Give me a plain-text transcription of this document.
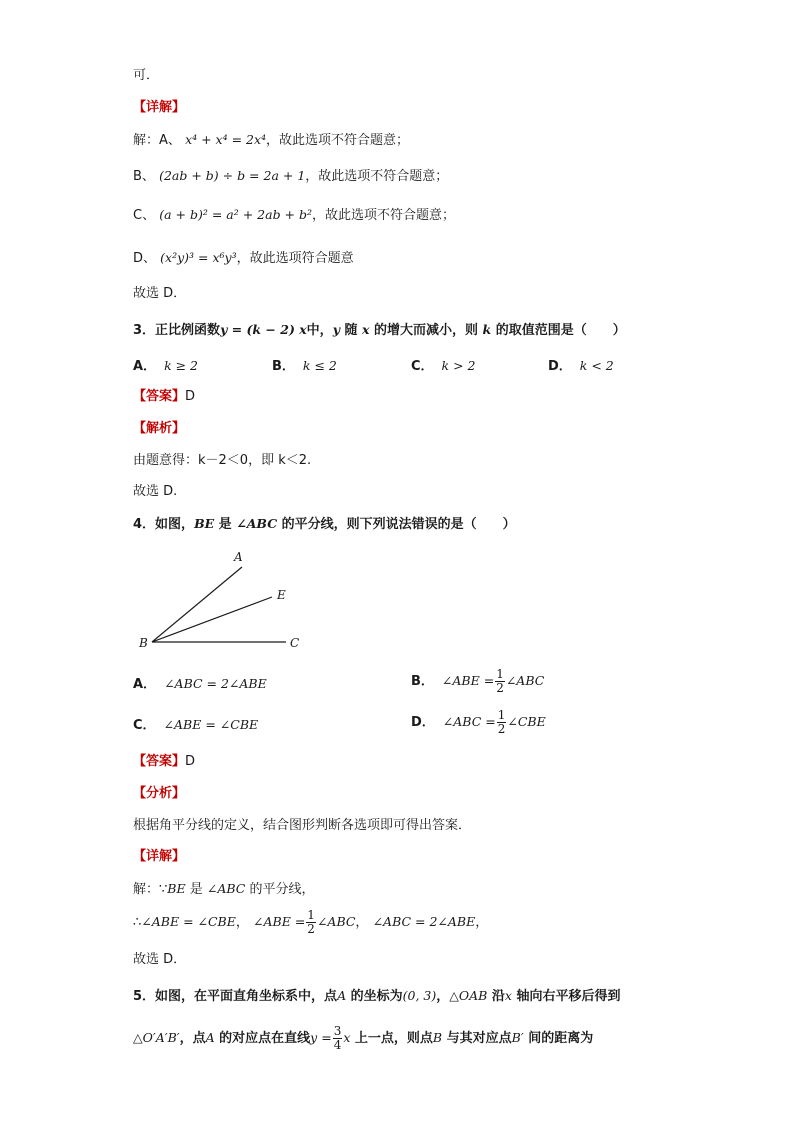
可．
【详解】
解：A、 x⁴ + x⁴ = 2x⁴，故此选项不符合题意；
B、 (2ab + b) ÷ b = 2a + 1，故此选项不符合题意；
C、 (a + b)² = a² + 2ab + b²，故此选项不符合题意；
D、 (x²y)³ = x⁶y³，故此选项符合题意
故选 D．
3．正比例函数y = (k − 2) x中，y 随 x 的增大而减小，则 k 的取值范围是（　　）
A． k ≥ 2	B． k ≤ 2	C． k > 2	D． k < 2
【答案】D
【解析】
由题意得：k－2＜0，即 k＜2.
故选 D.
4．如图，BE 是 ∠ABC 的平分线，则下列说法错误的是（　　）
A
E
B	C
A． ∠ABC = 2∠ABE	B． ∠ABE = $\frac{1}{2}$ ∠ABC
C． ∠ABE = ∠CBE	D． ∠ABC = $\frac{1}{2}$ ∠CBE
【答案】D
【分析】
根据角平分线的定义，结合图形判断各选项即可得出答案．
【详解】
解：∵BE 是 ∠ABC 的平分线，
∴∠ABE = ∠CBE， ∠ABE = $\frac{1}{2}$ ∠ABC， ∠ABC = 2∠ABE，
故选 D．
5．如图，在平面直角坐标系中，点A 的坐标为(0, 3)，△OAB 沿x 轴向右平移后得到
△O′A′B′，点A 的对应点在直线$y = \frac{3}{4}$ x 上一点，则点B 与其对应点B′ 间的距离为
